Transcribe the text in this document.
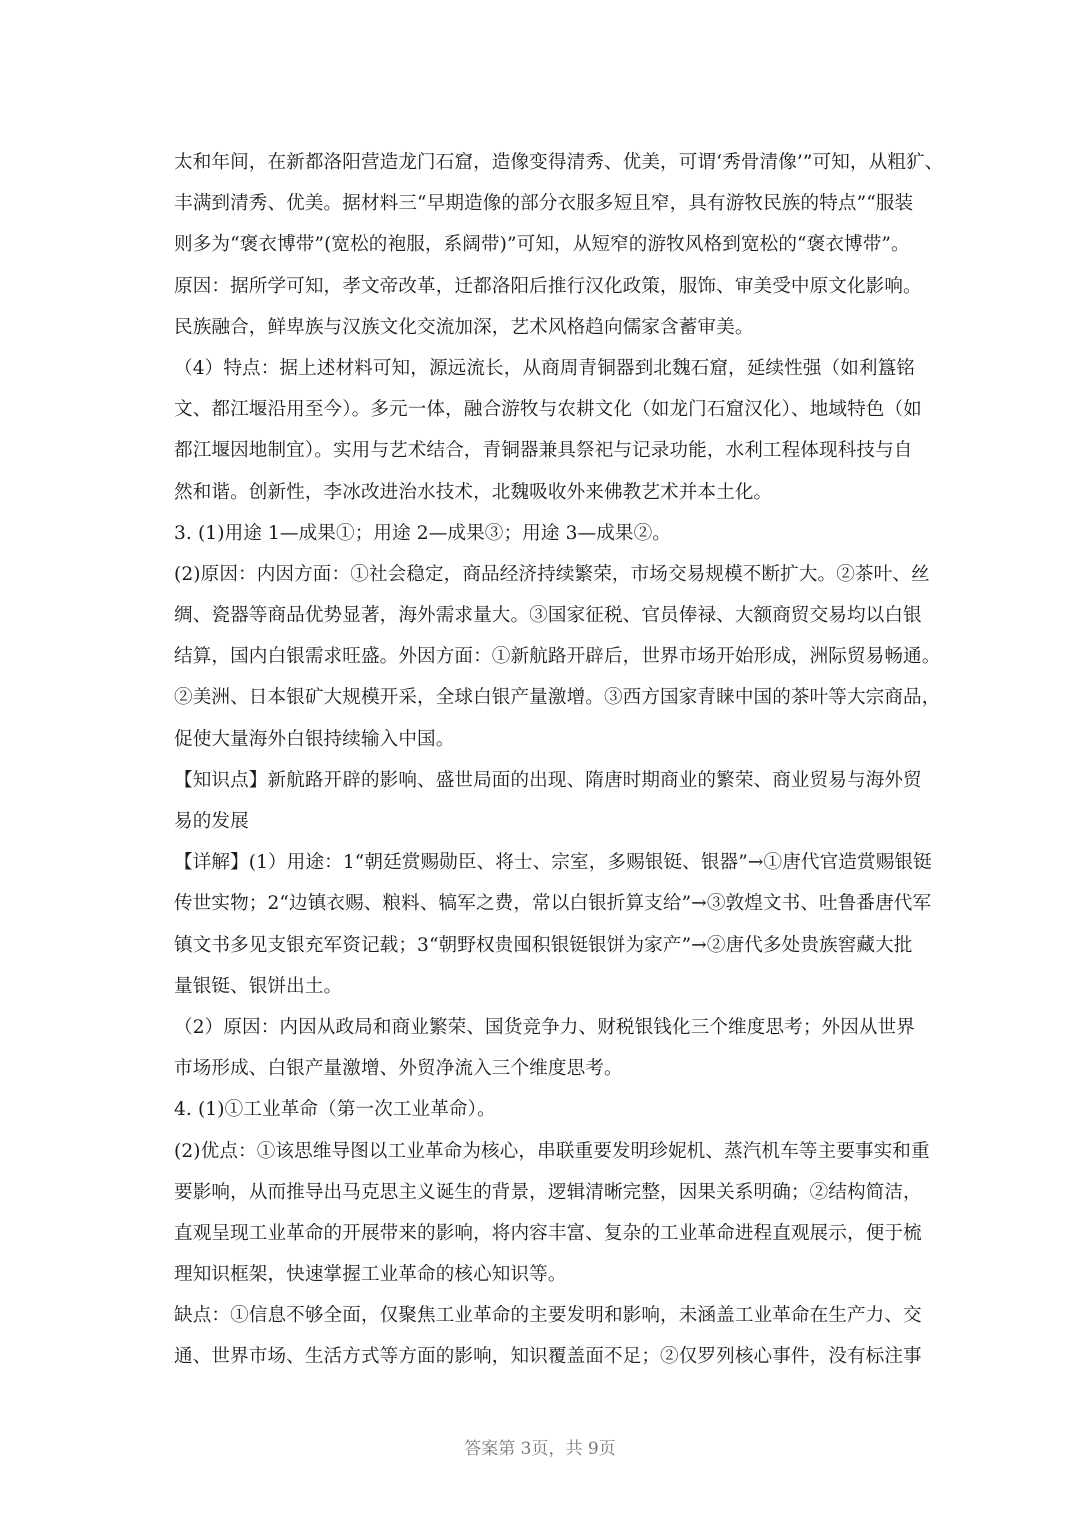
太和年间，在新都洛阳营造龙门石窟，造像变得清秀、优美，可谓‘秀骨清像’”可知，从粗犷、
丰满到清秀、优美。据材料三“早期造像的部分衣服多短且窄，具有游牧民族的特点”“服装
则多为“褒衣博带”(宽松的袍服，系阔带)”可知，从短窄的游牧风格到宽松的“褒衣博带”。
原因：据所学可知，孝文帝改革，迁都洛阳后推行汉化政策，服饰、审美受中原文化影响。
民族融合，鲜卑族与汉族文化交流加深，艺术风格趋向儒家含蓄审美。
（4）特点：据上述材料可知，源远流长，从商周青铜器到北魏石窟，延续性强（如利簋铭
文、都江堰沿用至今）。多元一体，融合游牧与农耕文化（如龙门石窟汉化）、地域特色（如
都江堰因地制宜）。实用与艺术结合，青铜器兼具祭祀与记录功能，水利工程体现科技与自
然和谐。创新性，李冰改进治水技术，北魏吸收外来佛教艺术并本土化。
3. (1)用途 1—成果①；用途 2—成果③；用途 3—成果②。
(2)原因：内因方面：①社会稳定，商品经济持续繁荣，市场交易规模不断扩大。②茶叶、丝
绸、瓷器等商品优势显著，海外需求量大。③国家征税、官员俸禄、大额商贸交易均以白银
结算，国内白银需求旺盛。外因方面：①新航路开辟后，世界市场开始形成，洲际贸易畅通。
②美洲、日本银矿大规模开采，全球白银产量激增。③西方国家青睐中国的茶叶等大宗商品，
促使大量海外白银持续输入中国。
【知识点】新航路开辟的影响、盛世局面的出现、隋唐时期商业的繁荣、商业贸易与海外贸
易的发展
【详解】(1）用途：1“朝廷赏赐勋臣、将士、宗室，多赐银铤、银器”→①唐代官造赏赐银铤
传世实物；2“边镇衣赐、粮料、犒军之费，常以白银折算支给”→③敦煌文书、吐鲁番唐代军
镇文书多见支银充军资记载；3“朝野权贵囤积银铤银饼为家产”→②唐代多处贵族窖藏大批
量银铤、银饼出土。
（2）原因：内因从政局和商业繁荣、国货竞争力、财税银钱化三个维度思考；外因从世界
市场形成、白银产量激增、外贸净流入三个维度思考。
4. (1)①工业革命（第一次工业革命）。
(2)优点：①该思维导图以工业革命为核心，串联重要发明珍妮机、蒸汽机车等主要事实和重
要影响，从而推导出马克思主义诞生的背景，逻辑清晰完整，因果关系明确；②结构简洁，
直观呈现工业革命的开展带来的影响，将内容丰富、复杂的工业革命进程直观展示，便于梳
理知识框架，快速掌握工业革命的核心知识等。
缺点：①信息不够全面，仅聚焦工业革命的主要发明和影响，未涵盖工业革命在生产力、交
通、世界市场、生活方式等方面的影响，知识覆盖面不足；②仅罗列核心事件，没有标注事
答案第 3页，共 9页
